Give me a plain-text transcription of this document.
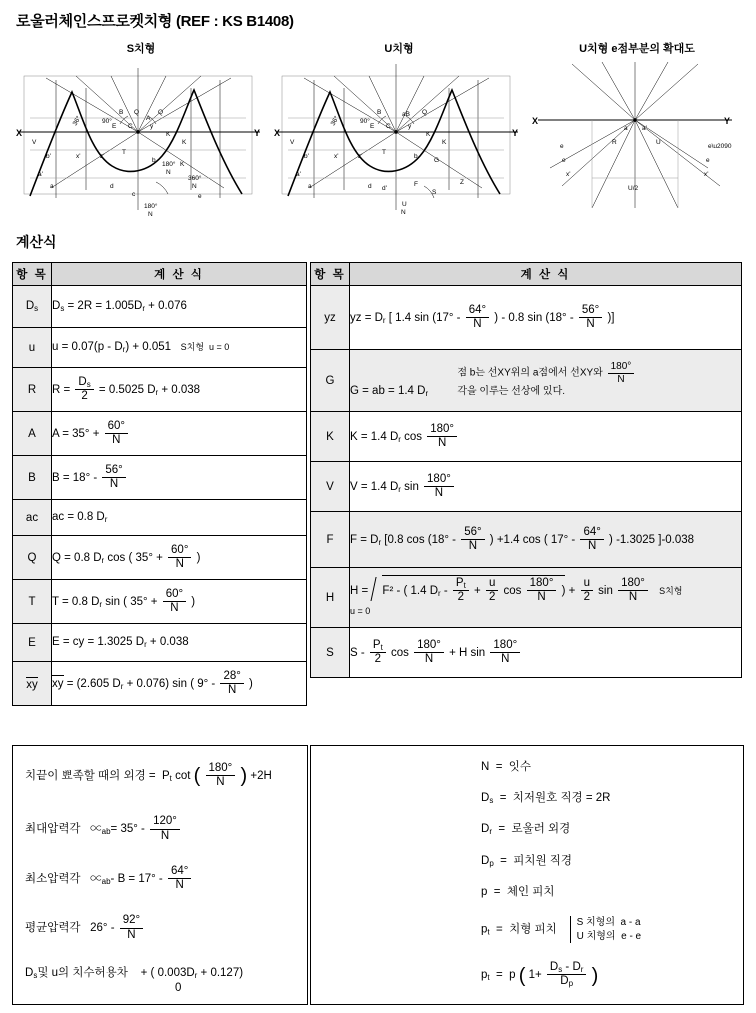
로울러체인스프로켓치형 (REF : KS B1408)
S치형
90°	A
B Q	Q
36°	E C	y
K
K
V
b'	x'	z'
T
b
K
a'
a	d
c	e
180°
N
360°
N
180°
N
X	Y
U치형
90°
B	aB Q
36°	E C	y
K
K
V
b'	x'	z'
T
b
G
a'
a	d d'
F
S
Z
U
N
X	Y
U치형 e점부분의 확대도
a a'
R	U
e	e\u2090
e	e
x'	x'
U/2
X	Y
계산식
항 목	계 산 식
$D_s$	$D_s = 2R = 1.005D_r + 0.076$
u	$u = 0.07(p - D_r) + 0.051$   S치형  u = 0
R	$R = \frac{D_s}{2} = 0.5025$ $D_r + 0.038$
A	$A = 35^\circ + \frac{60^\circ}{N}$

B	$B = 18^\circ - \frac{56^\circ}{N}$

ac	ac = 0.8 $D_r$
Q	Q = 0.8 $D_r$ cos ( $35^\circ + \frac{60^\circ}{N}$ )
T	T = 0.8 $D_r$ sin ( $35^\circ + \frac{60^\circ}{N}$ )
E	E = cy = 1.3025 $D_r + 0.038$
xy	xy = (2.605 $D_r + 0.076$) sin ( $9^\circ - \frac{28^\circ}{N}$ )
항 목	계 산 식
yz	yz = $D_r$ [ 1.4 $\sin (17^\circ - \frac{64^\circ}{N}$ ) - 0.8 $\sin (18^\circ - \frac{56^\circ}{N}$ )]
G	G = ab = 1.4 $D_r$ 점 b는 선XY위의 a점에서 선XY와 $\frac{180^\circ}{N}$

각을 이루는 선상에 있다.
K	K = 1.4 $D_r$ $\cos \frac{180^\circ}{N}$

V	V = 1.4 $D_r$ $\sin \frac{180^\circ}{N}$

F	$F = D_r$ [0.8 $\cos (18^\circ - \frac{56^\circ}{N}$ ) +1.4 cos ( $17^\circ - \frac{64^\circ}{N}$ ) -1.3025 ]-0.038
H	H = F² - ( 1.4 $D_r - \frac{P_t}{2} + \frac{u}{2}$ $\cos \frac{180^\circ}{N}$ ) + $\frac{u}{2}$ $\sin \frac{180^\circ}{N}$ S치형
u = 0
S	S - $\frac{P_t}{2}$ $\cos \frac{180^\circ}{N} + H$ $\sin \frac{180^\circ}{N}$
치끝이 뾰족할 때의 외경 =  $P_t$ cot ( $\frac{180^\circ}{N}$ ) +2H
최대압력각   $\propto_{ab}= 35^\circ - \frac{120^\circ}{N}$
최소압력각   $\propto_{ab}-$ $B = 17^\circ - \frac{64^\circ}{N}$
평균압력각   $26^\circ - \frac{92^\circ}{N}$
$D_s$및 u의 치수허용차    + ( $0.003D_r + 0.127$)
0
N  =  잇수
$D_s$  =  치저원호 직경 = 2R
$D_r$  =  로울러 외경
$D_p$  =  피치원 직경
p  =  체인 피치
$p_t$  =  치형 피치    S 치형의  a - a
U 치형의  e - e
$p_t = p$ ( $1+ \frac{D_s - D_r}{D_p}$ )
